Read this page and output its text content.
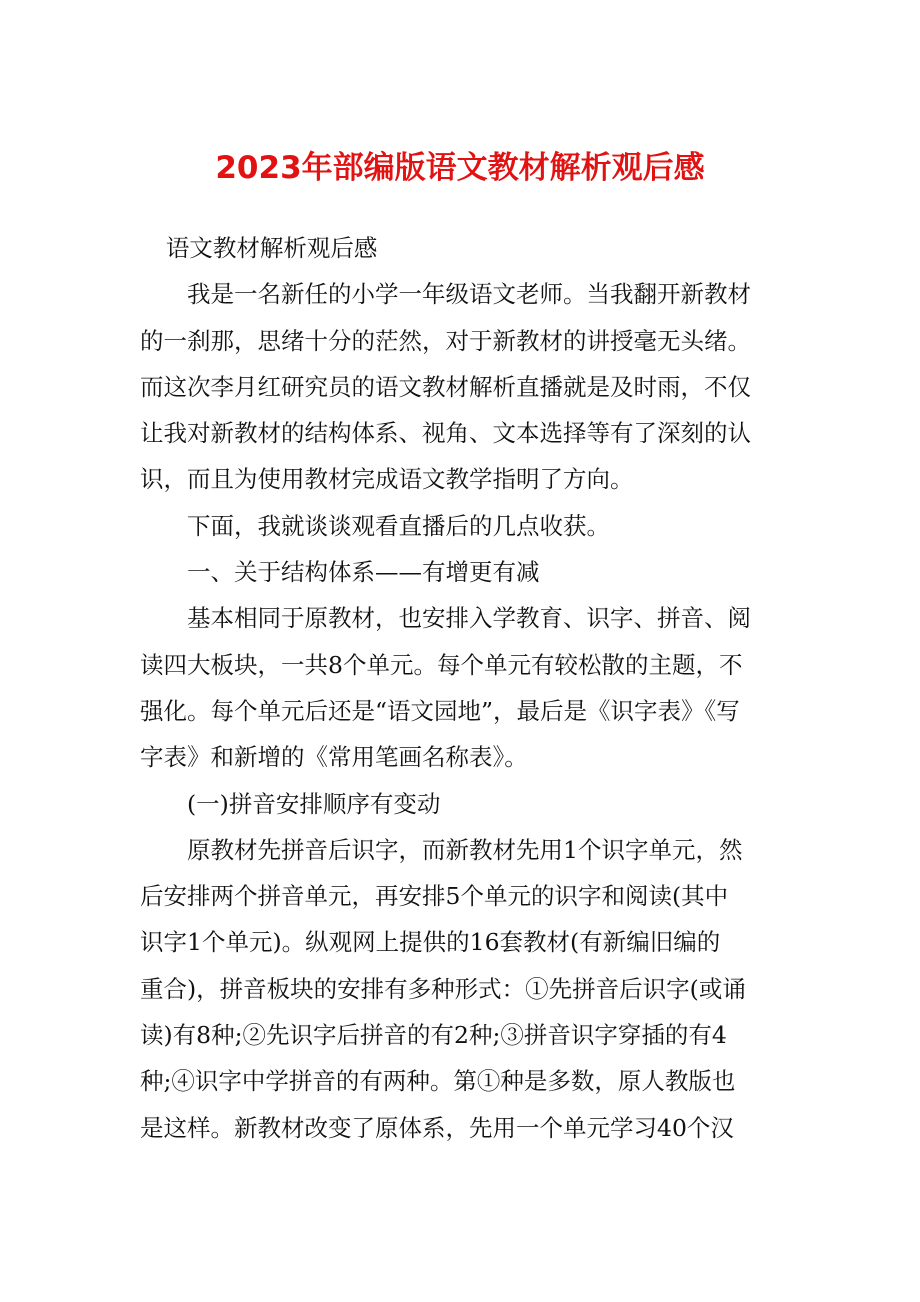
2023年部编版语文教材解析观后感

语文教材解析观后感

我是一名新任的小学一年级语文老师。当我翻开新教材
的一刹那，思绪十分的茫然，对于新教材的讲授毫无头绪。
而这次李月红研究员的语文教材解析直播就是及时雨，不仅
让我对新教材的结构体系、视角、文本选择等有了深刻的认
识，而且为使用教材完成语文教学指明了方向。

下面，我就谈谈观看直播后的几点收获。

一、关于结构体系——有增更有减

基本相同于原教材，也安排入学教育、识字、拼音、阅
读四大板块，一共8个单元。每个单元有较松散的主题，不
强化。每个单元后还是“语文园地”，最后是《识字表》《写
字表》和新增的《常用笔画名称表》。

(一)拼音安排顺序有变动

原教材先拼音后识字，而新教材先用1个识字单元，然
后安排两个拼音单元，再安排5个单元的识字和阅读(其中
识字1个单元)。纵观网上提供的16套教材(有新编旧编的
重合)，拼音板块的安排有多种形式：①先拼音后识字(或诵
读)有8种;②先识字后拼音的有2种;③拼音识字穿插的有4
种;④识字中学拼音的有两种。第①种是多数，原人教版也
是这样。新教材改变了原体系，先用一个单元学习40个汉
